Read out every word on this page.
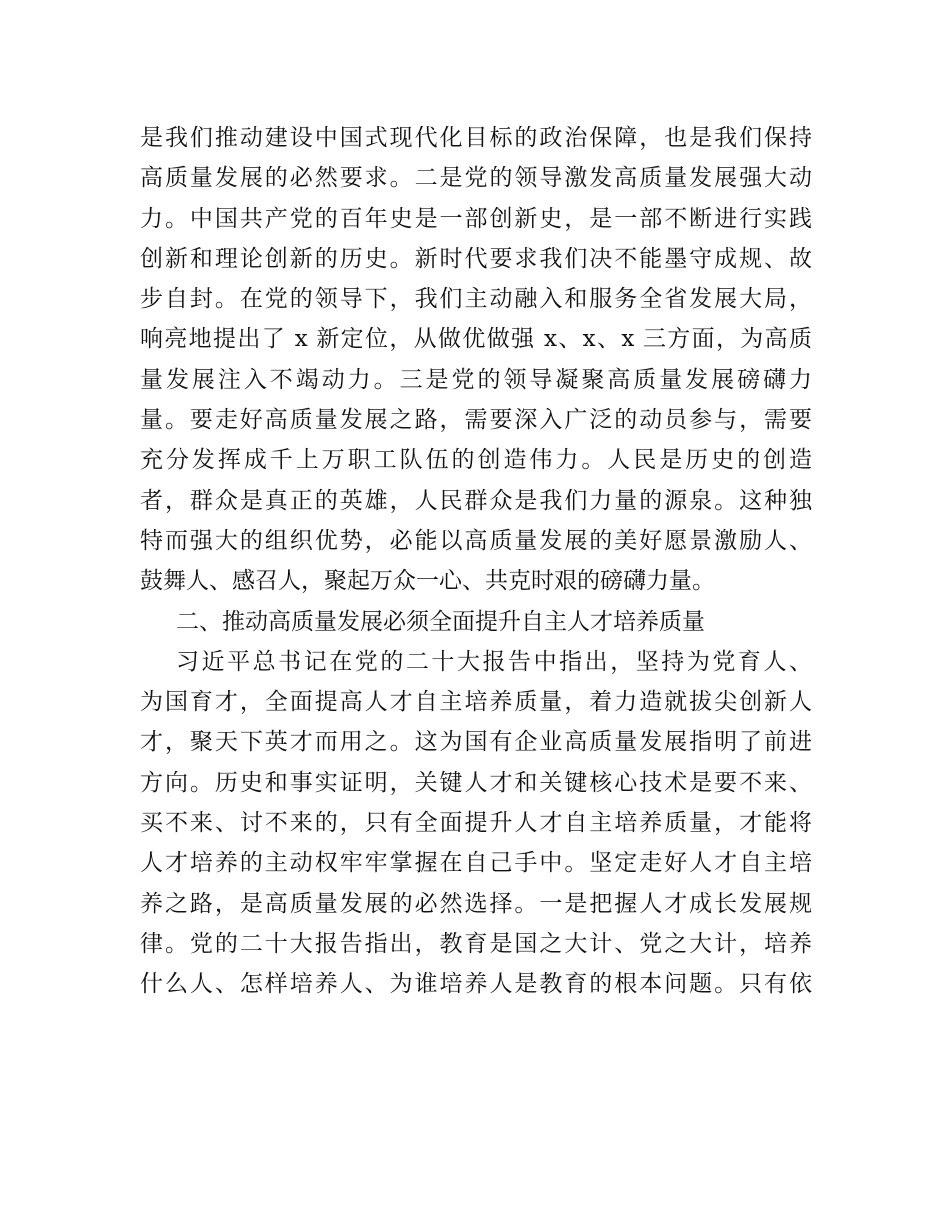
是我们推动建设中国式现代化目标的政治保障，也是我们保持
高质量发展的必然要求。二是党的领导激发高质量发展强大动
力。中国共产党的百年史是一部创新史，是一部不断进行实践
创新和理论创新的历史。新时代要求我们决不能墨守成规、故
步自封。在党的领导下，我们主动融入和服务全省发展大局，
响亮地提出了 x 新定位，从做优做强 x、x、x 三方面，为高质
量发展注入不竭动力。三是党的领导凝聚高质量发展磅礴力
量。要走好高质量发展之路，需要深入广泛的动员参与，需要
充分发挥成千上万职工队伍的创造伟力。人民是历史的创造
者，群众是真正的英雄，人民群众是我们力量的源泉。这种独
特而强大的组织优势，必能以高质量发展的美好愿景激励人、
鼓舞人、感召人，聚起万众一心、共克时艰的磅礴力量。
二、推动高质量发展必须全面提升自主人才培养质量
习近平总书记在党的二十大报告中指出，坚持为党育人、
为国育才，全面提高人才自主培养质量，着力造就拔尖创新人
才，聚天下英才而用之。这为国有企业高质量发展指明了前进
方向。历史和事实证明，关键人才和关键核心技术是要不来、
买不来、讨不来的，只有全面提升人才自主培养质量，才能将
人才培养的主动权牢牢掌握在自己手中。坚定走好人才自主培
养之路，是高质量发展的必然选择。一是把握人才成长发展规
律。党的二十大报告指出，教育是国之大计、党之大计，培养
什么人、怎样培养人、为谁培养人是教育的根本问题。只有依
